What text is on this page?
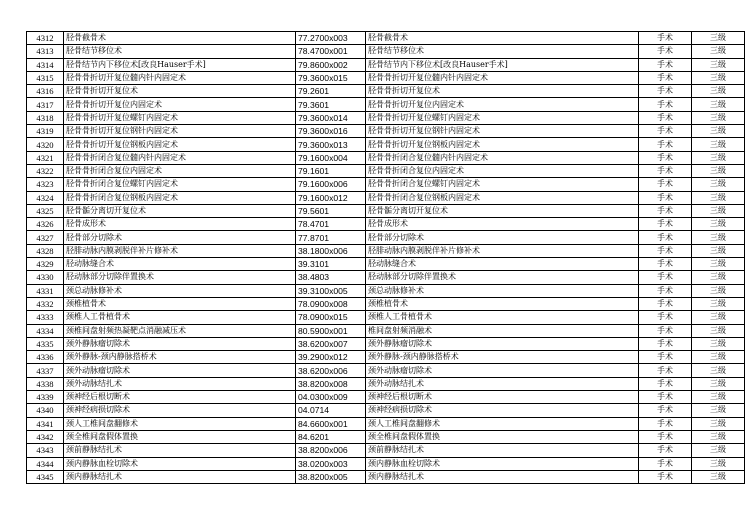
4312	胫骨截骨术	77.2700x003	胫骨截骨术	手术	三级
4313	胫骨结节移位术	78.4700x001	胫骨结节移位术	手术	三级
4314	胫骨结节内下移位术[改良Hauser手术]	79.8600x002	胫骨结节内下移位术[改良Hauser手术]	手术	三级
4315	胫骨骨折切开复位髓内针内固定术	79.3600x015	胫骨骨折切开复位髓内针内固定术	手术	三级
4316	胫骨骨折切开复位术	79.2601	胫骨骨折切开复位术	手术	三级
4317	胫骨骨折切开复位内固定术	79.3601	胫骨骨折切开复位内固定术	手术	三级
4318	胫骨骨折切开复位螺钉内固定术	79.3600x014	胫骨骨折切开复位螺钉内固定术	手术	三级
4319	胫骨骨折切开复位钢针内固定术	79.3600x016	胫骨骨折切开复位钢针内固定术	手术	三级
4320	胫骨骨折切开复位钢板内固定术	79.3600x013	胫骨骨折切开复位钢板内固定术	手术	三级
4321	胫骨骨折闭合复位髓内针内固定术	79.1600x004	胫骨骨折闭合复位髓内针内固定术	手术	三级
4322	胫骨骨折闭合复位内固定术	79.1601	胫骨骨折闭合复位内固定术	手术	三级
4323	胫骨骨折闭合复位螺钉内固定术	79.1600x006	胫骨骨折闭合复位螺钉内固定术	手术	三级
4324	胫骨骨折闭合复位钢板内固定术	79.1600x012	胫骨骨折闭合复位钢板内固定术	手术	三级
4325	胫骨骺分离切开复位术	79.5601	胫骨骺分离切开复位术	手术	三级
4326	胫骨成形术	78.4701	胫骨成形术	手术	三级
4327	胫骨部分切除术	77.8701	胫骨部分切除术	手术	三级
4328	胫腓动脉内膜剥脱伴补片修补术	38.1800x006	胫腓动脉内膜剥脱伴补片修补术	手术	三级
4329	胫动脉缝合术	39.3101	胫动脉缝合术	手术	三级
4330	胫动脉部分切除伴置换术	38.4803	胫动脉部分切除伴置换术	手术	三级
4331	颈总动脉修补术	39.3100x005	颈总动脉修补术	手术	三级
4332	颈椎植骨术	78.0900x008	颈椎植骨术	手术	三级
4333	颈椎人工骨植骨术	78.0900x015	颈椎人工骨植骨术	手术	三级
4334	颈椎间盘射频热凝靶点消融减压术	80.5900x001	椎间盘射频消融术	手术	三级
4335	颈外静脉瘤切除术	38.6200x007	颈外静脉瘤切除术	手术	三级
4336	颈外静脉-颈内静脉搭桥术	39.2900x012	颈外静脉-颈内静脉搭桥术	手术	三级
4337	颈外动脉瘤切除术	38.6200x006	颈外动脉瘤切除术	手术	三级
4338	颈外动脉结扎术	38.8200x008	颈外动脉结扎术	手术	三级
4339	颈神经后根切断术	04.0300x009	颈神经后根切断术	手术	三级
4340	颈神经病损切除术	04.0714	颈神经病损切除术	手术	三级
4341	颈人工椎间盘翻修术	84.6600x001	颈人工椎间盘翻修术	手术	三级
4342	颈全椎间盘假体置换	84.6201	颈全椎间盘假体置换	手术	三级
4343	颈前静脉结扎术	38.8200x006	颈前静脉结扎术	手术	三级
4344	颈内静脉血栓切除术	38.0200x003	颈内静脉血栓切除术	手术	三级
4345	颈内静脉结扎术	38.8200x005	颈内静脉结扎术	手术	三级
